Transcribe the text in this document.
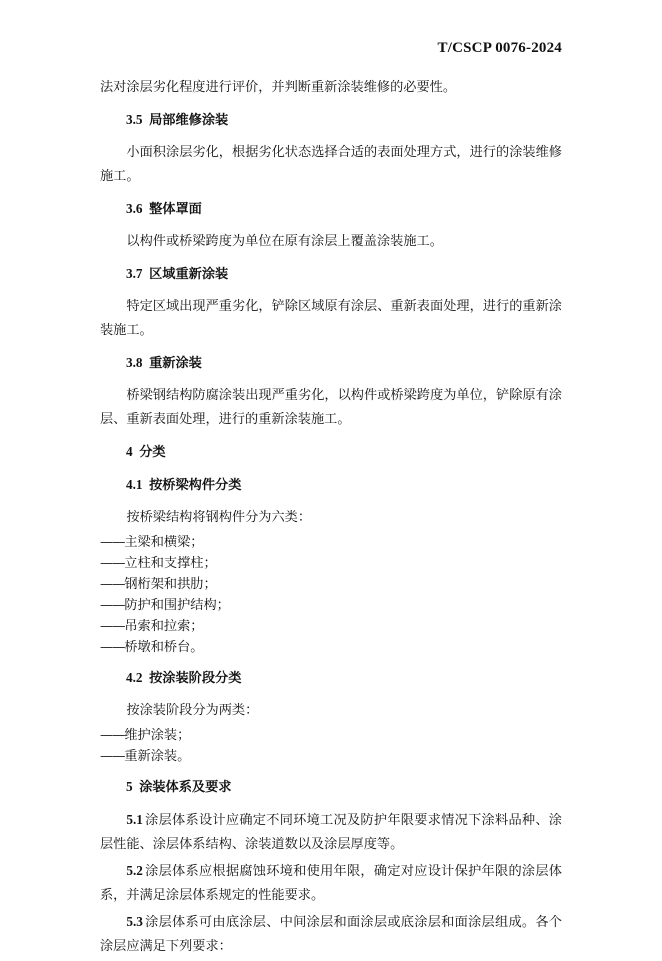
T/CSCP 0076-2024

法对涂层劣化程度进行评价，并判断重新涂装维修的必要性。

3.5 局部维修涂装

小面积涂层劣化，根据劣化状态选择合适的表面处理方式，进行的涂装维修施工。

3.6 整体罩面

以构件或桥梁跨度为单位在原有涂层上覆盖涂装施工。

3.7 区域重新涂装

特定区域出现严重劣化，铲除区域原有涂层、重新表面处理，进行的重新涂装施工。

3.8 重新涂装

桥梁钢结构防腐涂装出现严重劣化，以构件或桥梁跨度为单位，铲除原有涂层、重新表面处理，进行的重新涂装施工。

4 分类
4.1 按桥梁构件分类

按桥梁结构将钢构件分为六类：

—— 主梁和横梁；
—— 立柱和支撑柱；
—— 钢桁架和拱肋；
—— 防护和围护结构；
—— 吊索和拉索；
—— 桥墩和桥台。
4.2 按涂装阶段分类

按涂装阶段分为两类：

—— 维护涂装；
—— 重新涂装。
5 涂装体系及要求

5.1 涂层体系设计应确定不同环境工况及防护年限要求情况下涂料品种、涂层性能、涂层体系结构、涂装道数以及涂层厚度等。

5.2 涂层体系应根据腐蚀环境和使用年限，确定对应设计保护年限的涂层体系，并满足涂层体系规定的性能要求。

5.3 涂层体系可由底涂层、中间涂层和面涂层或底涂层和面涂层组成。各个涂层应满足下列要求：
